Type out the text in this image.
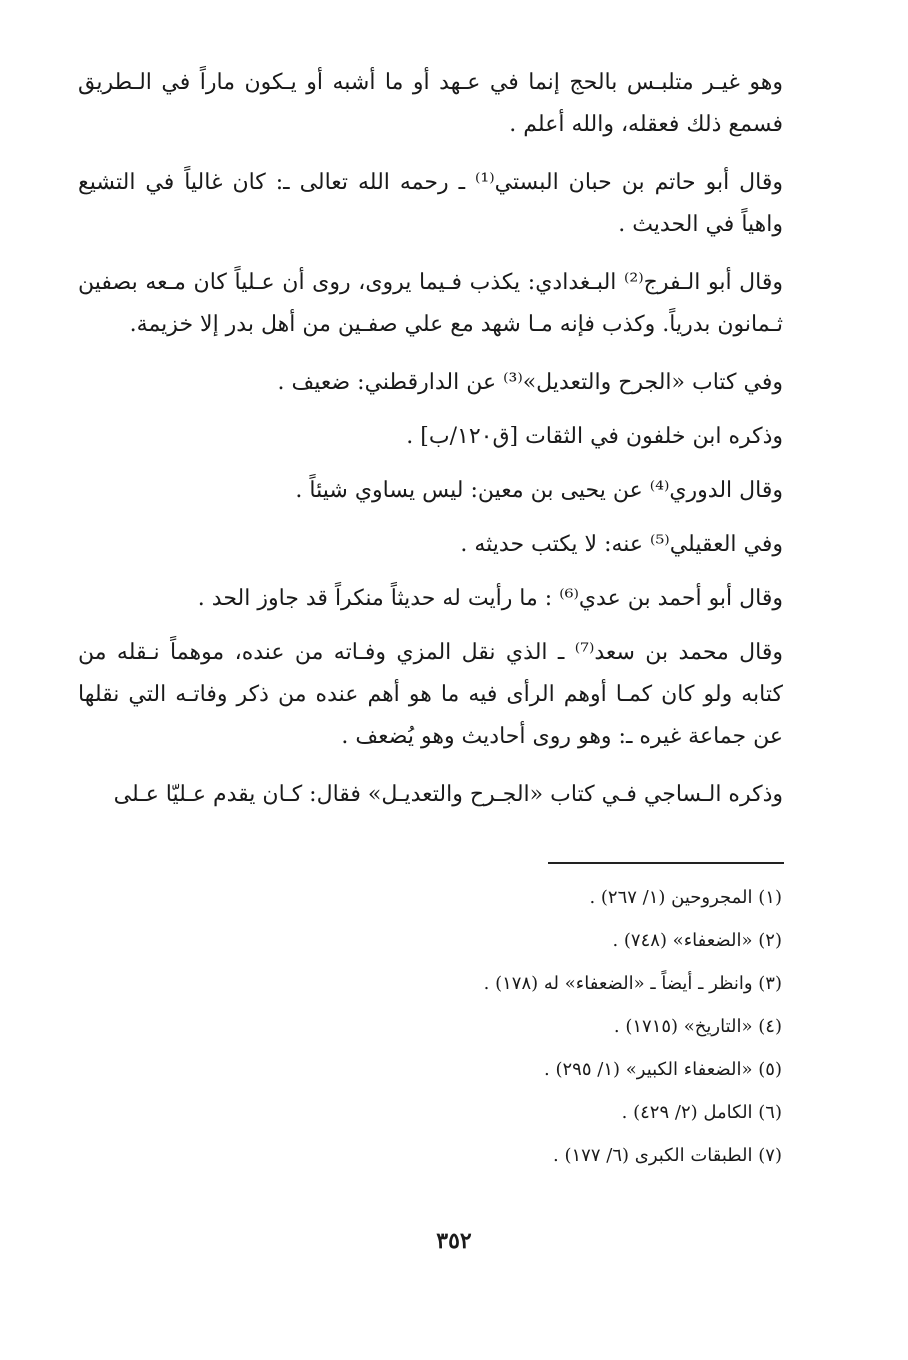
وهو غيـر متلبـس بالحج إنما في عـهد أو ما أشبه أو يـكون ماراً في الـطريق فسمع ذلك فعقله، والله أعلم .

وقال أبو حاتم بن حبان البستي⁽¹⁾ ـ رحمه الله تعالى ـ: كان غالياً في التشيع واهياً في الحديث .

وقال أبو الـفرج⁽²⁾ البـغدادي: يكذب فـيما يروى، روى أن عـلياً كان مـعه بصفين ثـمانون بدرياً. وكذب فإنه مـا شهد مع علي صفـين من أهل بدر إلا خزيمة.

وفي كتاب «الجرح والتعديل»⁽³⁾ عن الدارقطني: ضعيف .

وذكره ابن خلفون في الثقات [ق١٢٠/ب] .

وقال الدوري⁽⁴⁾ عن يحيى بن معين: ليس يساوي شيئاً .

وفي العقيلي⁽⁵⁾ عنه: لا يكتب حديثه .

وقال أبو أحمد بن عدي⁽⁶⁾ : ما رأيت له حديثاً منكراً قد جاوز الحد .

وقال محمد بن سعد⁽⁷⁾ ـ الذي نقل المزي وفـاته من عنده، موهماً نـقله من كتابه ولو كان كمـا أوهم الرأى فيه ما هو أهم عنده من ذكر وفاتـه التي نقلها عن جماعة غيره ـ: وهو روى أحاديث وهو يُضعف .

وذكره الـساجي فـي كتاب «الجـرح والتعديـل» فقال: كـان يقدم عـليّا عـلى

(١) المجروحين (١/ ٢٦٧) .
(٢) «الضعفاء» (٧٤٨) .
(٣) وانظر ـ أيضاً ـ «الضعفاء» له (١٧٨) .
(٤) «التاريخ» (١٧١٥) .
(٥) «الضعفاء الكبير» (١/ ٢٩٥) .
(٦) الكامل (٢/ ٤٢٩) .
(٧) الطبقات الكبرى (٦/ ١٧٧) .
٣٥٢
